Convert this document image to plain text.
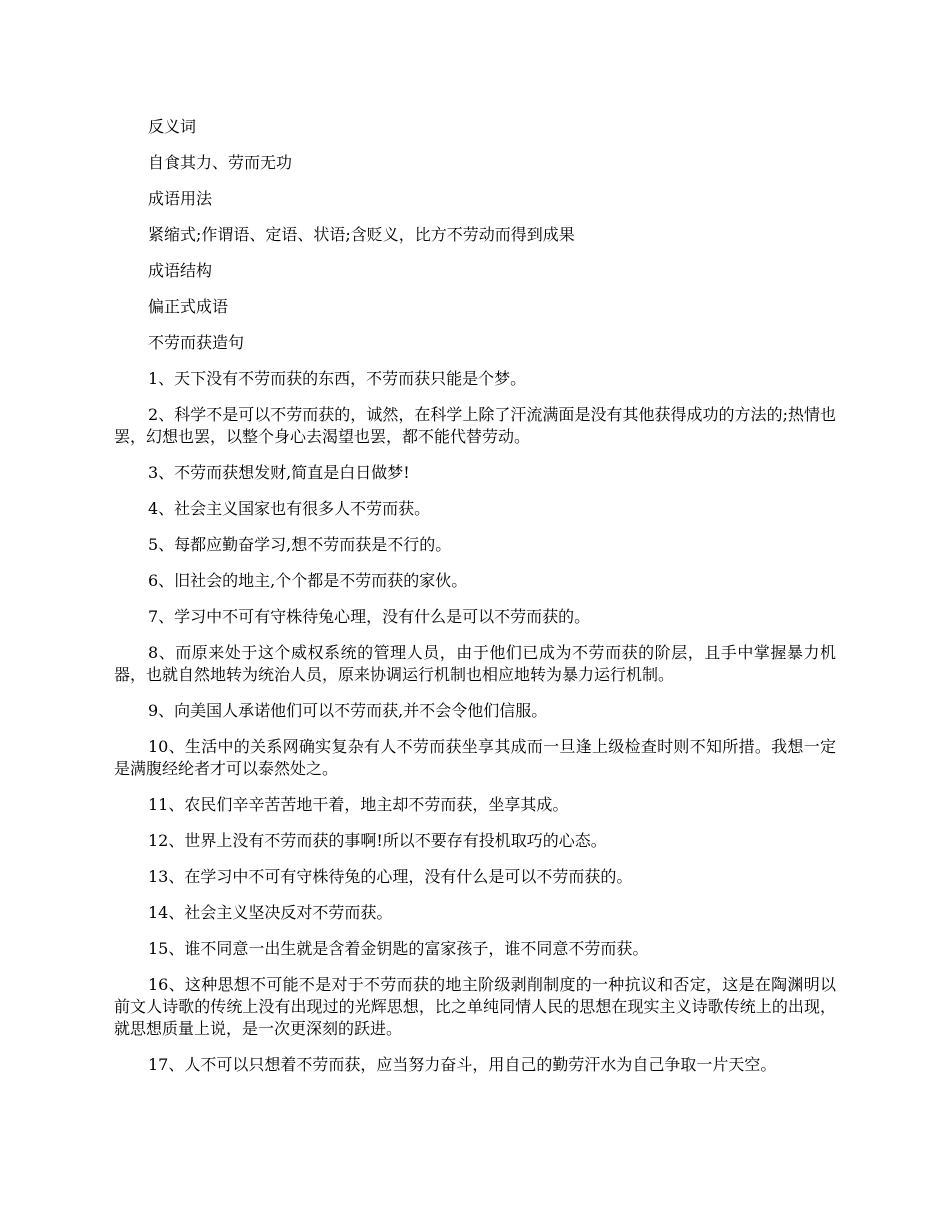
反义词
自食其力、劳而无功
成语用法
紧缩式;作谓语、定语、状语;含贬义，比方不劳动而得到成果
成语结构
偏正式成语
不劳而获造句

1、天下没有不劳而获的东西，不劳而获只能是个梦。

2、科学不是可以不劳而获的，诚然，在科学上除了汗流满面是没有其他获得成功的方法的;热情也罢，幻想也罢，以整个身心去渴望也罢，都不能代替劳动。

3、不劳而获想发财,简直是白日做梦!

4、社会主义国家也有很多人不劳而获。

5、每都应勤奋学习,想不劳而获是不行的。

6、旧社会的地主,个个都是不劳而获的家伙。

7、学习中不可有守株待兔心理，没有什么是可以不劳而获的。

8、而原来处于这个威权系统的管理人员，由于他们已成为不劳而获的阶层，且手中掌握暴力机器，也就自然地转为统治人员，原来协调运行机制也相应地转为暴力运行机制。

9、向美国人承诺他们可以不劳而获,并不会令他们信服。

10、生活中的关系网确实复杂有人不劳而获坐享其成而一旦逢上级检查时则不知所措。我想一定是满腹经纶者才可以泰然处之。

11、农民们辛辛苦苦地干着，地主却不劳而获，坐享其成。

12、世界上没有不劳而获的事啊!所以不要存有投机取巧的心态。

13、在学习中不可有守株待兔的心理，没有什么是可以不劳而获的。

14、社会主义坚决反对不劳而获。

15、谁不同意一出生就是含着金钥匙的富家孩子，谁不同意不劳而获。

16、这种思想不可能不是对于不劳而获的地主阶级剥削制度的一种抗议和否定，这是在陶渊明以前文人诗歌的传统上没有出现过的光辉思想，比之单纯同情人民的思想在现实主义诗歌传统上的出现，就思想质量上说，是一次更深刻的跃进。

17、人不可以只想着不劳而获，应当努力奋斗，用自己的勤劳汗水为自己争取一片天空。
